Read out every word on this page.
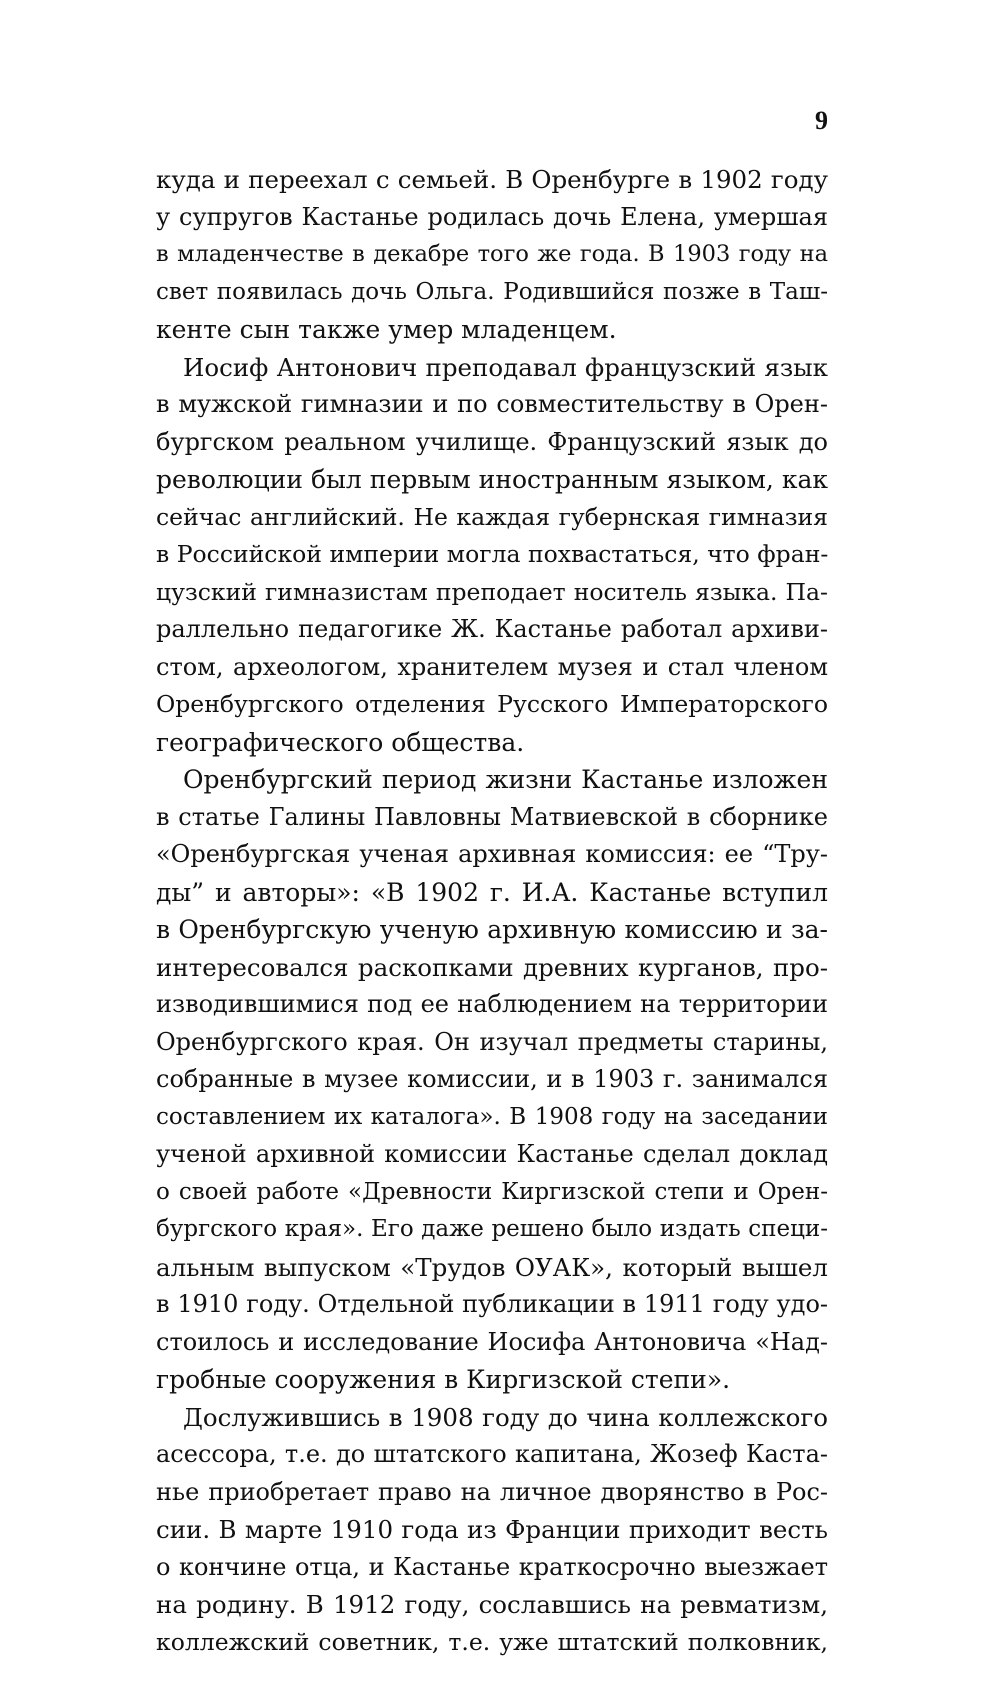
9
куда и переехал с семьей. В Оренбурге в 1902 году
у супругов Кастанье родилась дочь Елена, умершая
в младенчестве в декабре того же года. В 1903 году на
свет появилась дочь Ольга. Родившийся позже в Таш-
кенте сын также умер младенцем.
Иосиф Антонович преподавал французский язык
в мужской гимназии и по совместительству в Орен-
бургском реальном училище. Французский язык до
революции был первым иностранным языком, как
сейчас английский. Не каждая губернская гимназия
в Российской империи могла похвастаться, что фран-
цузский гимназистам преподает носитель языка. Па-
раллельно педагогике Ж. Кастанье работал архиви-
стом, археологом, хранителем музея и стал членом
Оренбургского отделения Русского Императорского
географического общества.
Оренбургский период жизни Кастанье изложен
в статье Галины Павловны Матвиевской в сборнике
«Оренбургская ученая архивная комиссия: ее “Тру-
ды” и авторы»: «В 1902 г. И.А. Кастанье вступил
в Оренбургскую ученую архивную комиссию и за-
интересовался раскопками древних курганов, про-
изводившимися под ее наблюдением на территории
Оренбургского края. Он изучал предметы старины,
собранные в музее комиссии, и в 1903 г. занимался
составлением их каталога». В 1908 году на заседании
ученой архивной комиссии Кастанье сделал доклад
о своей работе «Древности Киргизской степи и Орен-
бургского края». Его даже решено было издать специ-
альным выпуском «Трудов ОУАК», который вышел
в 1910 году. Отдельной публикации в 1911 году удо-
стоилось и исследование Иосифа Антоновича «Над-
гробные сооружения в Киргизской степи».
Дослужившись в 1908 году до чина коллежского
асессора, т.е. до штатского капитана, Жозеф Каста-
нье приобретает право на личное дворянство в Рос-
сии. В марте 1910 года из Франции приходит весть
о кончине отца, и Кастанье краткосрочно выезжает
на родину. В 1912 году, сославшись на ревматизм,
коллежский советник, т.е. уже штатский полковник,
